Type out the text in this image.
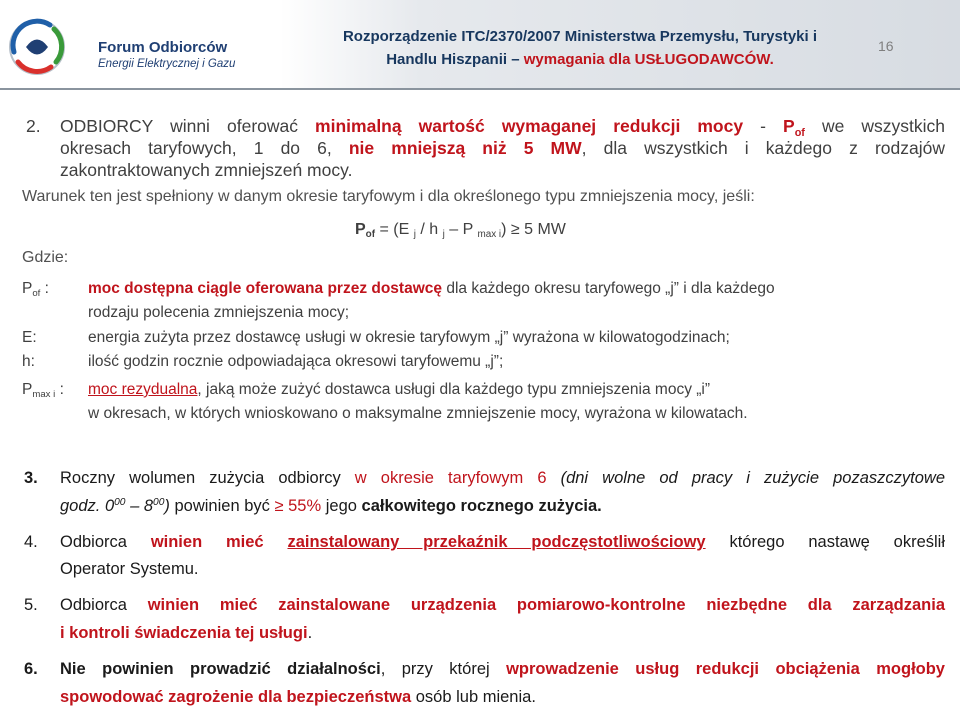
Forum Odbiorców
Energii Elektrycznej i Gazu
Rozporządzenie ITC/2370/2007 Ministerstwa Przemysłu, Turystyki i
Handlu Hiszpanii – wymagania dla USŁUGODAWCÓW.
16
2.	ODBIORCY winni oferować minimalną wartość wymaganej redukcji mocy - $P_{of}$ we wszystkich
okresach taryfowych, 1 do 6, nie mniejszą niż 5 MW, dla wszystkich i każdego z rodzajów
zakontraktowanych zmniejszeń mocy.
Warunek ten jest spełniony w danym okresie taryfowym i dla określonego typu zmniejszenia mocy, jeśli:
$P_{of} = (E$ $_j$ / h $_j$ – P $_{max i}$) ≥ 5 MW
Gdzie:
$P_{of}$ :	moc dostępna ciągle oferowana przez dostawcę dla każdego okresu taryfowego „j” i dla każdego
rodzaju polecenia zmniejszenia mocy;
E:	energia zużyta przez dostawcę usługi w okresie taryfowym „j” wyrażona w kilowatogodzinach;
h:	ilość godzin rocznie odpowiadająca okresowi taryfowemu „j”;
$P_{max i}$ :	moc rezydualna, jaką może zużyć dostawca usługi dla każdego typu zmniejszenia mocy „i”
w okresach, w których wnioskowano o maksymalne zmniejszenie mocy, wyrażona w kilowatach.
3.	Roczny wolumen zużycia odbiorcy w okresie taryfowym 6 (dni wolne od pracy i zużycie pozaszczytowe
godz. $0^{00} - 8^{00}$) powinien być ≥ 55% jego całkowitego rocznego zużycia.
4.	Odbiorca winien mieć zainstalowany przekaźnik podczęstotliwościowy którego nastawę określił
Operator Systemu.
5.	Odbiorca winien mieć zainstalowane urządzenia pomiarowo-kontrolne niezbędne dla zarządzania
i kontroli świadczenia tej usługi.
6.	Nie powinien prowadzić działalności, przy której wprowadzenie usług redukcji obciążenia mogłoby
spowodować zagrożenie dla bezpieczeństwa osób lub mienia.
